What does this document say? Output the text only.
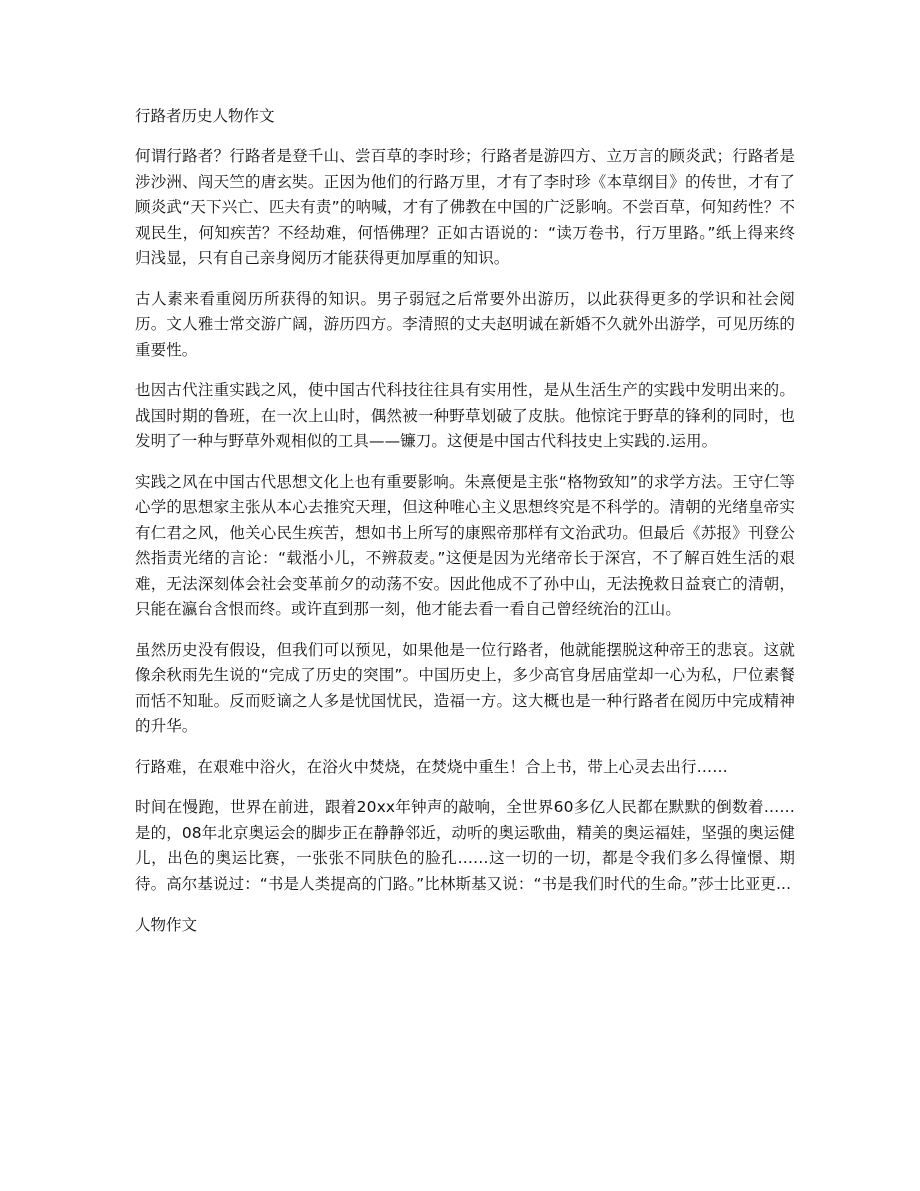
行路者历史人物作文

何谓行路者？行路者是登千山、尝百草的李时珍；行路者是游四方、立万言的顾炎武；行路者是涉沙洲、闯天竺的唐玄奘。正因为他们的行路万里，才有了李时珍《本草纲目》的传世，才有了顾炎武“天下兴亡、匹夫有责”的呐喊，才有了佛教在中国的广泛影响。不尝百草，何知药性？不观民生，何知疾苦？不经劫难，何悟佛理？正如古语说的：“读万卷书，行万里路。”纸上得来终归浅显，只有自己亲身阅历才能获得更加厚重的知识。

古人素来看重阅历所获得的知识。男子弱冠之后常要外出游历，以此获得更多的学识和社会阅历。文人雅士常交游广阔，游历四方。李清照的丈夫赵明诚在新婚不久就外出游学，可见历练的重要性。

也因古代注重实践之风，使中国古代科技往往具有实用性，是从生活生产的实践中发明出来的。战国时期的鲁班，在一次上山时，偶然被一种野草划破了皮肤。他惊诧于野草的锋利的同时，也发明了一种与野草外观相似的工具——镰刀。这便是中国古代科技史上实践的.运用。

实践之风在中国古代思想文化上也有重要影响。朱熹便是主张“格物致知”的求学方法。王守仁等心学的思想家主张从本心去推究天理，但这种唯心主义思想终究是不科学的。清朝的光绪皇帝实有仁君之风，他关心民生疾苦，想如书上所写的康熙帝那样有文治武功。但最后《苏报》刊登公然指责光绪的言论：“载湉小儿，不辨菽麦。”这便是因为光绪帝长于深宫，不了解百姓生活的艰难，无法深刻体会社会变革前夕的动荡不安。因此他成不了孙中山，无法挽救日益衰亡的清朝，只能在瀛台含恨而终。或许直到那一刻，他才能去看一看自己曾经统治的江山。

虽然历史没有假设，但我们可以预见，如果他是一位行路者，他就能摆脱这种帝王的悲哀。这就像余秋雨先生说的“完成了历史的突围”。中国历史上，多少高官身居庙堂却一心为私，尸位素餐而恬不知耻。反而贬谪之人多是忧国忧民，造福一方。这大概也是一种行路者在阅历中完成精神的升华。

行路难，在艰难中浴火，在浴火中焚烧，在焚烧中重生！合上书，带上心灵去出行……

时间在慢跑，世界在前进，跟着20xx年钟声的敲响，全世界60多亿人民都在默默的倒数着……是的，08年北京奥运会的脚步正在静静邻近，动听的奥运歌曲，精美的奥运福娃，坚强的奥运健儿，出色的奥运比赛，一张张不同肤色的脸孔……这一切的一切，都是令我们多么得憧憬、期待。高尔基说过：“书是人类提高的门路。”比林斯基又说：“书是我们时代的生命。”莎士比亚更...

人物作文
